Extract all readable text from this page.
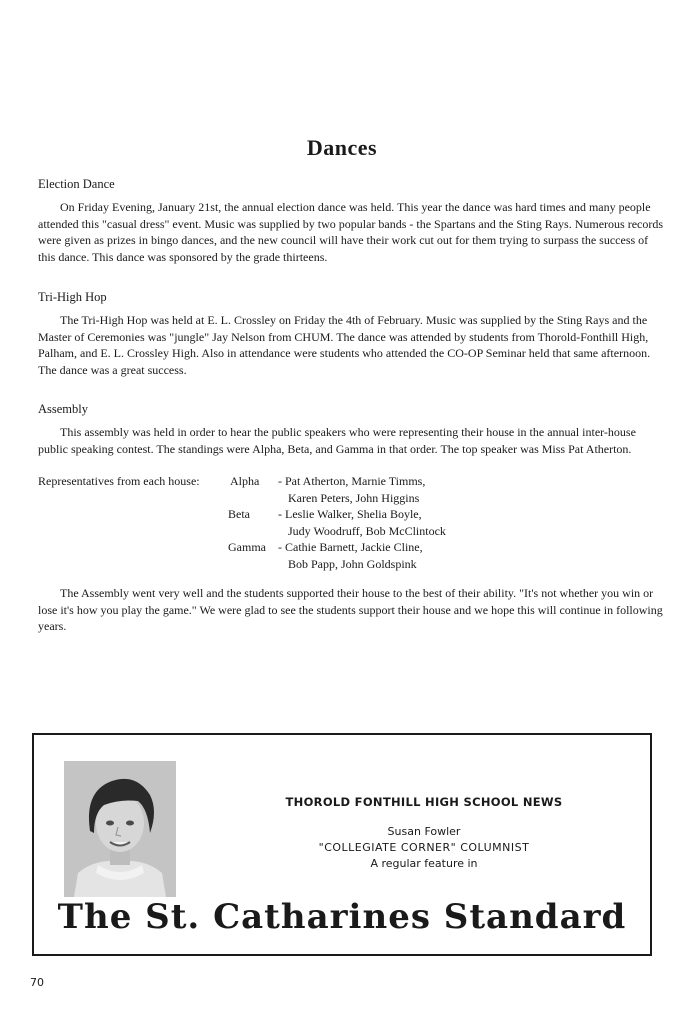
Dances
Election Dance

On Friday Evening, January 21st, the annual election dance was held. This year the dance was hard times and many people attended this "casual dress" event. Music was supplied by two popular bands - the Spartans and the Sting Rays. Numerous records were given as prizes in bingo dances, and the new council will have their work cut out for them trying to surpass the success of this dance. This dance was sponsored by the grade thirteens.

Tri-High Hop

The Tri-High Hop was held at E. L. Crossley on Friday the 4th of February. Music was supplied by the Sting Rays and the Master of Ceremonies was "jungle" Jay Nelson from CHUM. The dance was attended by students from Thorold-Fonthill High, Palham, and E. L. Crossley High. Also in attendance were students who attended the CO-OP Seminar held that same afternoon. The dance was a great success.

Assembly

This assembly was held in order to hear the public speakers who were representing their house in the annual inter-house public speaking contest. The standings were Alpha, Beta, and Gamma in that order. The top speaker was Miss Pat Atherton.

Representatives from each house:	Alpha - Pat Atherton, Marnie Timms,
Karen Peters, John Higgins
Beta - Leslie Walker, Shelia Boyle,
Judy Woodruff, Bob McClintock
Gamma - Cathie Barnett, Jackie Cline,
Bob Papp, John Goldspink

The Assembly went very well and the students supported their house to the best of their ability. "It's not whether you win or lose it's how you play the game." We were glad to see the students support their house and we hope this will continue in following years.

THOROLD FONTHILL HIGH SCHOOL NEWS
Susan Fowler
"COLLEGIATE CORNER" COLUMNIST
A regular feature in
The St. Catharines Standard
70
